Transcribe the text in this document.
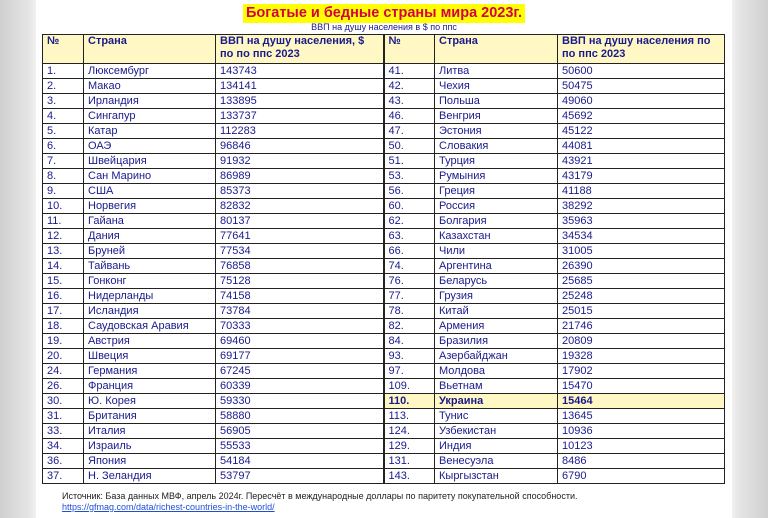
Богатые и бедные страны мира 2023г.
ВВП на душу населения в $ по ппс
№	Страна	ВВП на душу населения, $ по по ппс 2023	№	Страна	ВВП на душу населения по по ппс 2023
1.	Люксембург	143743	41.	Литва	50600
2.	Макао	134141	42.	Чехия	50475
3.	Ирландия	133895	43.	Польша	49060
4.	Сингапур	133737	46.	Венгрия	45692
5.	Катар	112283	47.	Эстония	45122
6.	ОАЭ	96846	50.	Словакия	44081
7.	Швейцария	91932	51.	Турция	43921
8.	Сан Марино	86989	53.	Румыния	43179
9.	США	85373	56.	Греция	41188
10.	Норвегия	82832	60.	Россия	38292
11.	Гайана	80137	62.	Болгария	35963
12.	Дания	77641	63.	Казахстан	34534
13.	Бруней	77534	66.	Чили	31005
14.	Тайвань	76858	74.	Аргентина	26390
15.	Гонконг	75128	76.	Беларусь	25685
16.	Нидерланды	74158	77.	Грузия	25248
17.	Исландия	73784	78.	Китай	25015
18.	Саудовская Аравия	70333	82.	Армения	21746
19.	Австрия	69460	84.	Бразилия	20809
20.	Швеция	69177	93.	Азербайджан	19328
24.	Германия	67245	97.	Молдова	17902
26.	Франция	60339	109.	Вьетнам	15470
30.	Ю. Корея	59330	110.	Украина	15464
31.	Британия	58880	113.	Тунис	13645
33.	Италия	56905	124.	Узбекистан	10936
34.	Израиль	55533	129.	Индия	10123
36.	Япония	54184	131.	Венесуэла	8486
37.	Н. Зеландия	53797	143.	Кыргызстан	6790
Источник: База данных МВФ, апрель 2024г. Пересчёт в международные доллары по паритету покупательной способности.
https://gfmag.com/data/richest-countries-in-the-world/
